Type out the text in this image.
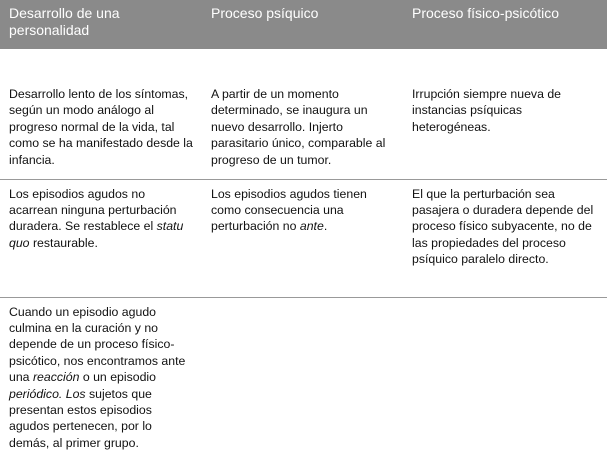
Desarrollo de una personalidad	Proceso psíquico	Proceso físico-psicótico
Desarrollo lento de los síntomas, según un modo análogo al progreso normal de la vida, tal como se ha manifestado desde la infancia.	A partir de un momento determinado, se inaugura un nuevo desarrollo. Injerto parasitario único, comparable al progreso de un tumor.	Irrupción siempre nueva de instancias psíquicas heterogéneas.
Los episodios agudos no acarrean ninguna perturbación duradera. Se restablece el statu quo restaurable.	Los episodios agudos tienen como consecuencia una perturbación no ante.	El que la perturbación sea pasajera o duradera depende del proceso físico subyacente, no de las propiedades del proceso psíquico paralelo directo.
Cuando un episodio agudo culmina en la curación y no depende de un proceso físico-psicótico, nos encontramos ante una reacción o un episodio periódico. Los sujetos que presentan estos episodios agudos pertenecen, por lo demás, al primer grupo.		
